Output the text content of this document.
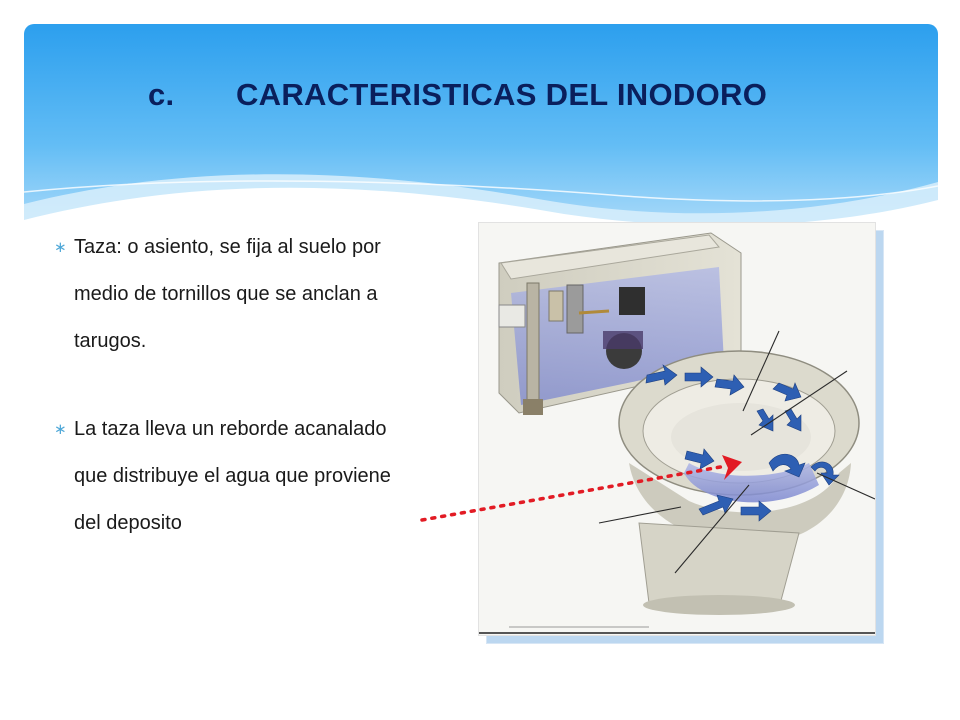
c. CARACTERISTICAS DEL INODORO
∗ Taza: o asiento, se fija al suelo por medio de tornillos que se anclan a tarugos.
∗ La taza lleva un reborde acanalado que distribuye el agua que proviene del deposito
